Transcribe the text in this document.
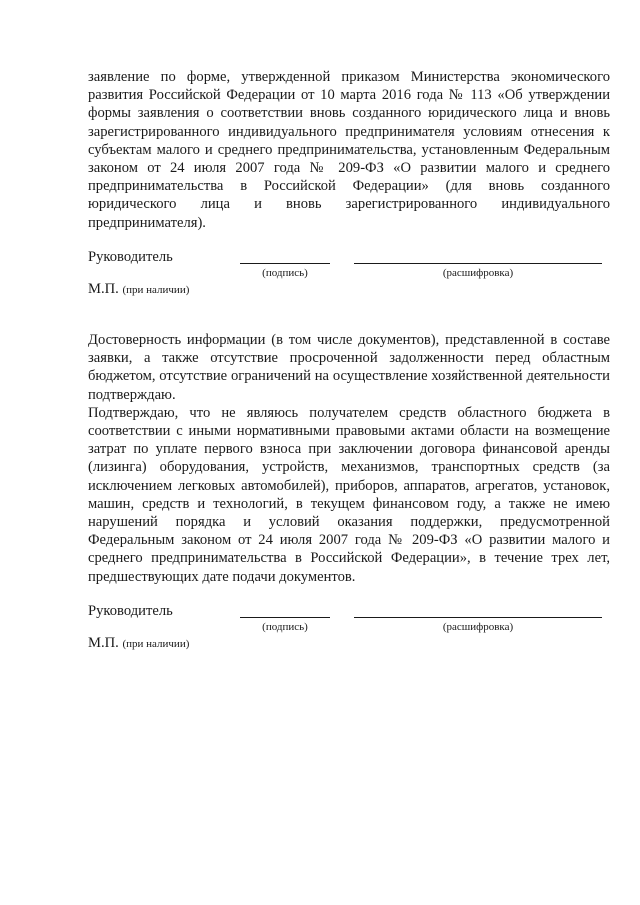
заявление по форме, утвержденной приказом Министерства экономического развития Российской Федерации от 10 марта 2016 года № 113 «Об утверждении формы заявления о соответствии вновь созданного юридического лица и вновь зарегистрированного индивидуального предпринимателя условиям отнесения к субъектам малого и среднего предпринимательства, установленным Федеральным законом от 24 июля 2007 года № 209-ФЗ «О развитии малого и среднего предпринимательства в Российской Федерации» (для вновь созданного юридического лица и вновь зарегистрированного индивидуального предпринимателя).

Руководитель
(подпись)	(расшифровка)
М.П. (при наличии)

Достоверность информации (в том числе документов), представленной в составе заявки, а также отсутствие просроченной задолженности перед областным бюджетом, отсутствие ограничений на осуществление хозяйственной деятельности подтверждаю.

Подтверждаю, что не являюсь получателем средств областного бюджета в соответствии с иными нормативными правовыми актами области на возмещение затрат по уплате первого взноса при заключении договора финансовой аренды (лизинга) оборудования, устройств, механизмов, транспортных средств (за исключением легковых автомобилей), приборов, аппаратов, агрегатов, установок, машин, средств и технологий, в текущем финансовом году, а также не имею нарушений порядка и условий оказания поддержки, предусмотренной Федеральным законом от 24 июля 2007 года № 209-ФЗ «О развитии малого и среднего предпринимательства в Российской Федерации», в течение трех лет, предшествующих дате подачи документов.

Руководитель
(подпись)	(расшифровка)
М.П. (при наличии)
